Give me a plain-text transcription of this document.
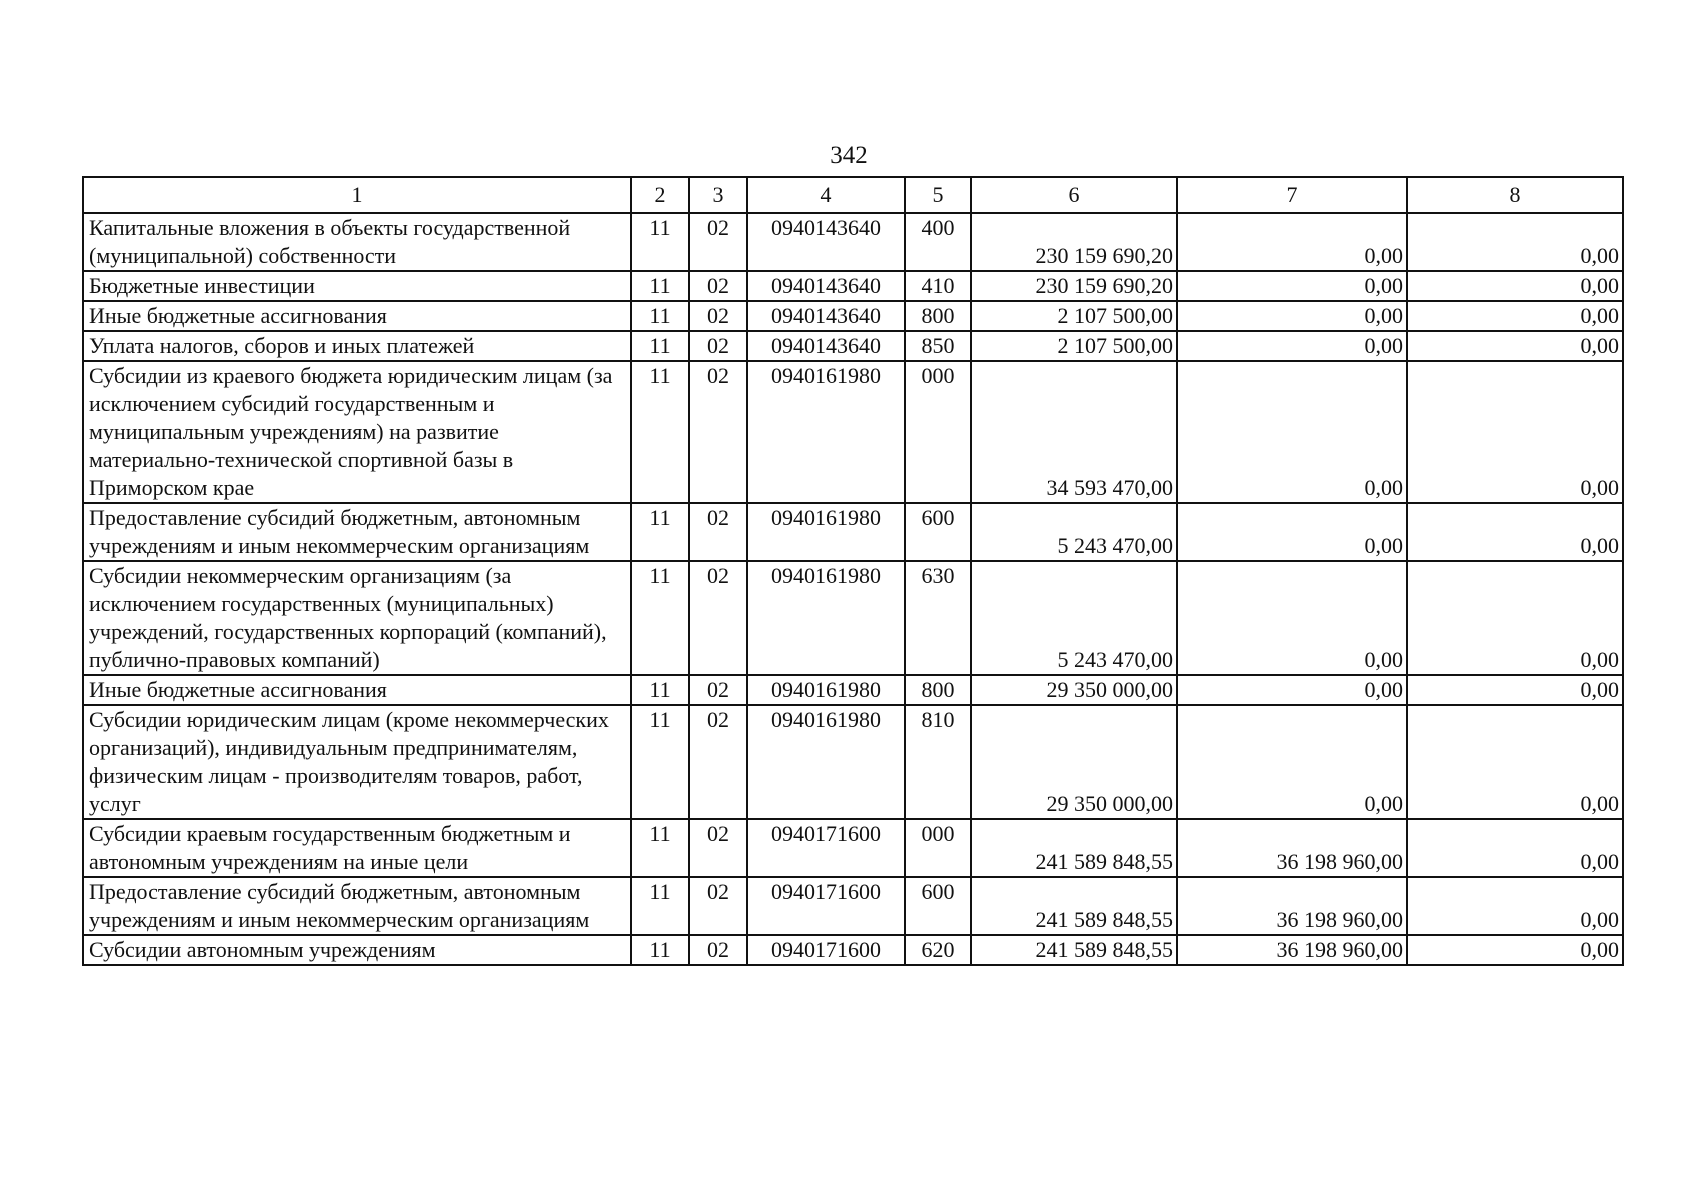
342
1	2	3	4	5	6	7	8
Капитальные вложения в объекты государственной (муниципальной) собственности	11	02	0940143640	400	230 159 690,20	0,00	0,00
Бюджетные инвестиции	11	02	0940143640	410	230 159 690,20	0,00	0,00
Иные бюджетные ассигнования	11	02	0940143640	800	2 107 500,00	0,00	0,00
Уплата налогов, сборов и иных платежей	11	02	0940143640	850	2 107 500,00	0,00	0,00
Субсидии из краевого бюджета юридическим лицам (за исключением субсидий государственным и муниципальным учреждениям) на развитие материально-технической спортивной базы в Приморском крае	11	02	0940161980	000	34 593 470,00	0,00	0,00
Предоставление субсидий бюджетным, автономным учреждениям и иным некоммерческим организациям	11	02	0940161980	600	5 243 470,00	0,00	0,00
Субсидии некоммерческим организациям (за исключением государственных (муниципальных) учреждений, государственных корпораций (компаний), публично-правовых компаний)	11	02	0940161980	630	5 243 470,00	0,00	0,00
Иные бюджетные ассигнования	11	02	0940161980	800	29 350 000,00	0,00	0,00
Субсидии юридическим лицам (кроме некоммерческих организаций), индивидуальным предпринимателям, физическим лицам - производителям товаров, работ, услуг	11	02	0940161980	810	29 350 000,00	0,00	0,00
Субсидии краевым государственным бюджетным и автономным учреждениям на иные цели	11	02	0940171600	000	241 589 848,55	36 198 960,00	0,00
Предоставление субсидий бюджетным, автономным учреждениям и иным некоммерческим организациям	11	02	0940171600	600	241 589 848,55	36 198 960,00	0,00
Субсидии автономным учреждениям	11	02	0940171600	620	241 589 848,55	36 198 960,00	0,00
